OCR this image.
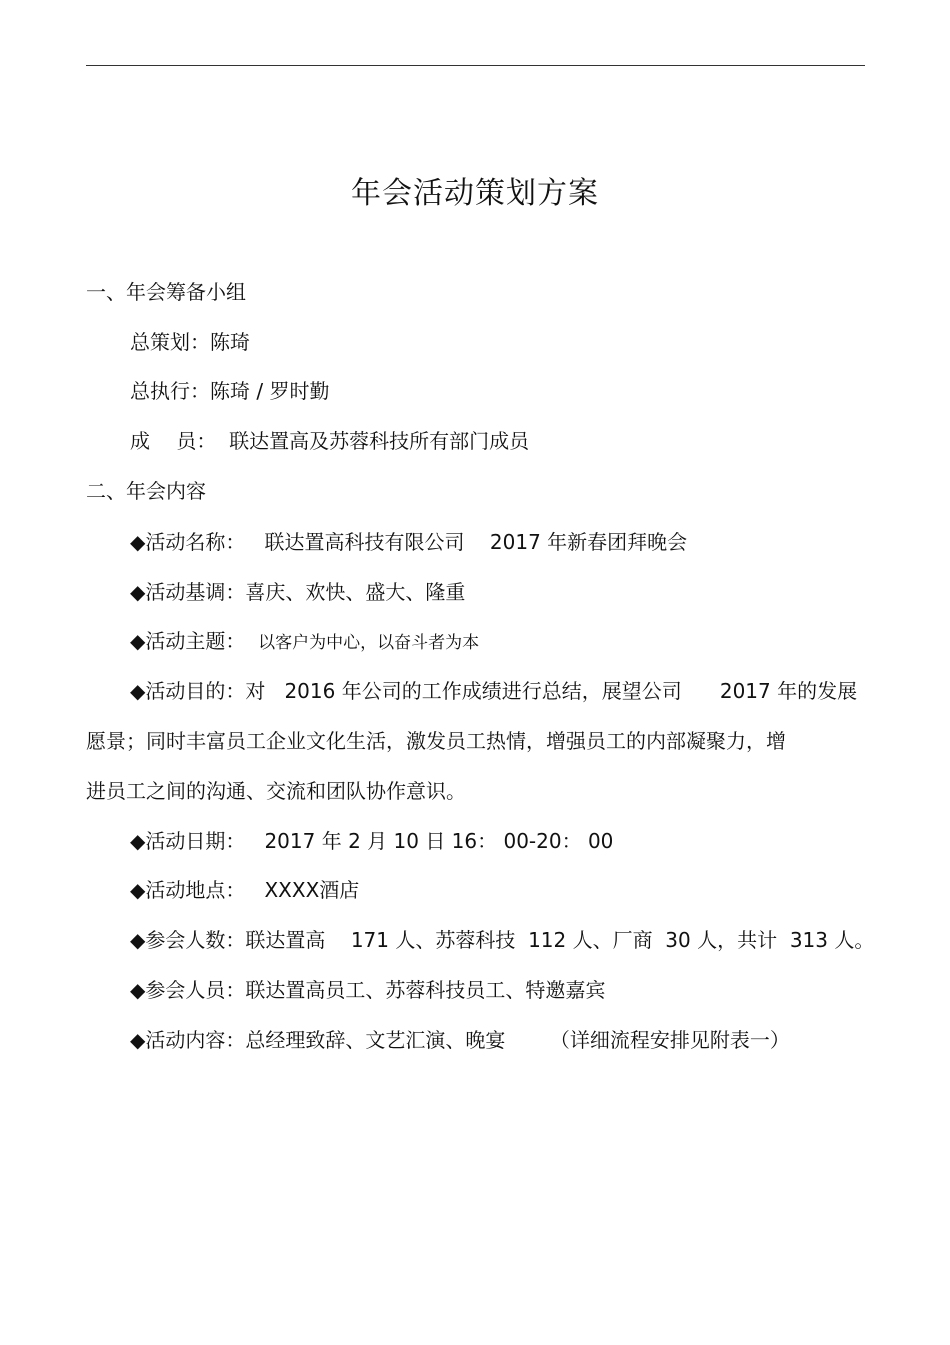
年会活动策划方案
一、年会筹备小组
总策划：陈琦
总执行：陈琦 / 罗时勤
成　 员：  联达置高及苏蓉科技所有部门成员
二、年会内容
◆活动名称：   联达置高科技有限公司    2017 年新春团拜晚会
◆活动基调：喜庆、欢快、盛大、隆重
◆活动主题：  以客户为中心，以奋斗者为本
◆活动目的：对   2016 年公司的工作成绩进行总结，展望公司      2017 年的发展
愿景；同时丰富员工企业文化生活，激发员工热情，增强员工的内部凝聚力，增
进员工之间的沟通、交流和团队协作意识。
◆活动日期：   2017 年 2 月 10 日 16： 00-20： 00
◆活动地点：   XXXX酒店
◆参会人数：联达置高    171 人、苏蓉科技  112 人、厂商  30 人，共计  313 人。
◆参会人员：联达置高员工、苏蓉科技员工、特邀嘉宾
◆活动内容：总经理致辞、文艺汇演、晚宴       （详细流程安排见附表一）
